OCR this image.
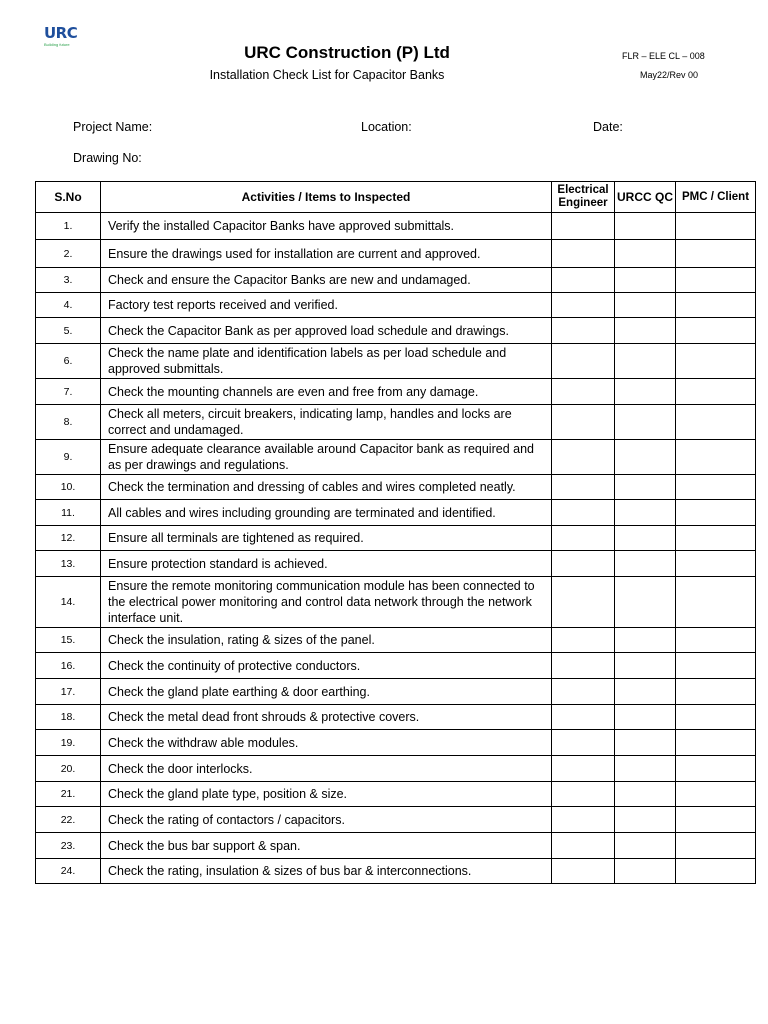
URC
Building future	URC Construction (P) Ltd
Installation Check List for Capacitor Banks
FLR – ELE CL – 008
May22/Rev 00
Project Name:	Location:	Date:
Drawing No:
S.No	Activities / Items to Inspected	Electrical Engineer	URCC QC	PMC / Client
1.	Verify the installed Capacitor Banks have approved submittals.			
2.	Ensure the drawings used for installation are current and approved.			
3.	Check and ensure the Capacitor Banks are new and undamaged.			
4.	Factory test reports received and verified.			
5.	Check the Capacitor Bank as per approved load schedule and drawings.			
6.	Check the name plate and identification labels as per load schedule and approved submittals.			
7.	Check the mounting channels are even and free from any damage.			
8.	Check all meters, circuit breakers, indicating lamp, handles and locks are correct and undamaged.			
9.	Ensure adequate clearance available around Capacitor bank as required and as per drawings and regulations.			
10.	Check the termination and dressing of cables and wires completed neatly.			
11.	All cables and wires including grounding are terminated and identified.			
12.	Ensure all terminals are tightened as required.			
13.	Ensure protection standard is achieved.			
14.	Ensure the remote monitoring communication module has been connected to the electrical power monitoring and control data network through the network interface unit.			
15.	Check the insulation, rating & sizes of the panel.			
16.	Check the continuity of protective conductors.			
17.	Check the gland plate earthing & door earthing.			
18.	Check the metal dead front shrouds & protective covers.			
19.	Check the withdraw able modules.			
20.	Check the door interlocks.			
21.	Check the gland plate type, position & size.			
22.	Check the rating of contactors / capacitors.			
23.	Check the bus bar support & span.			
24.	Check the rating, insulation & sizes of bus bar & interconnections.			
